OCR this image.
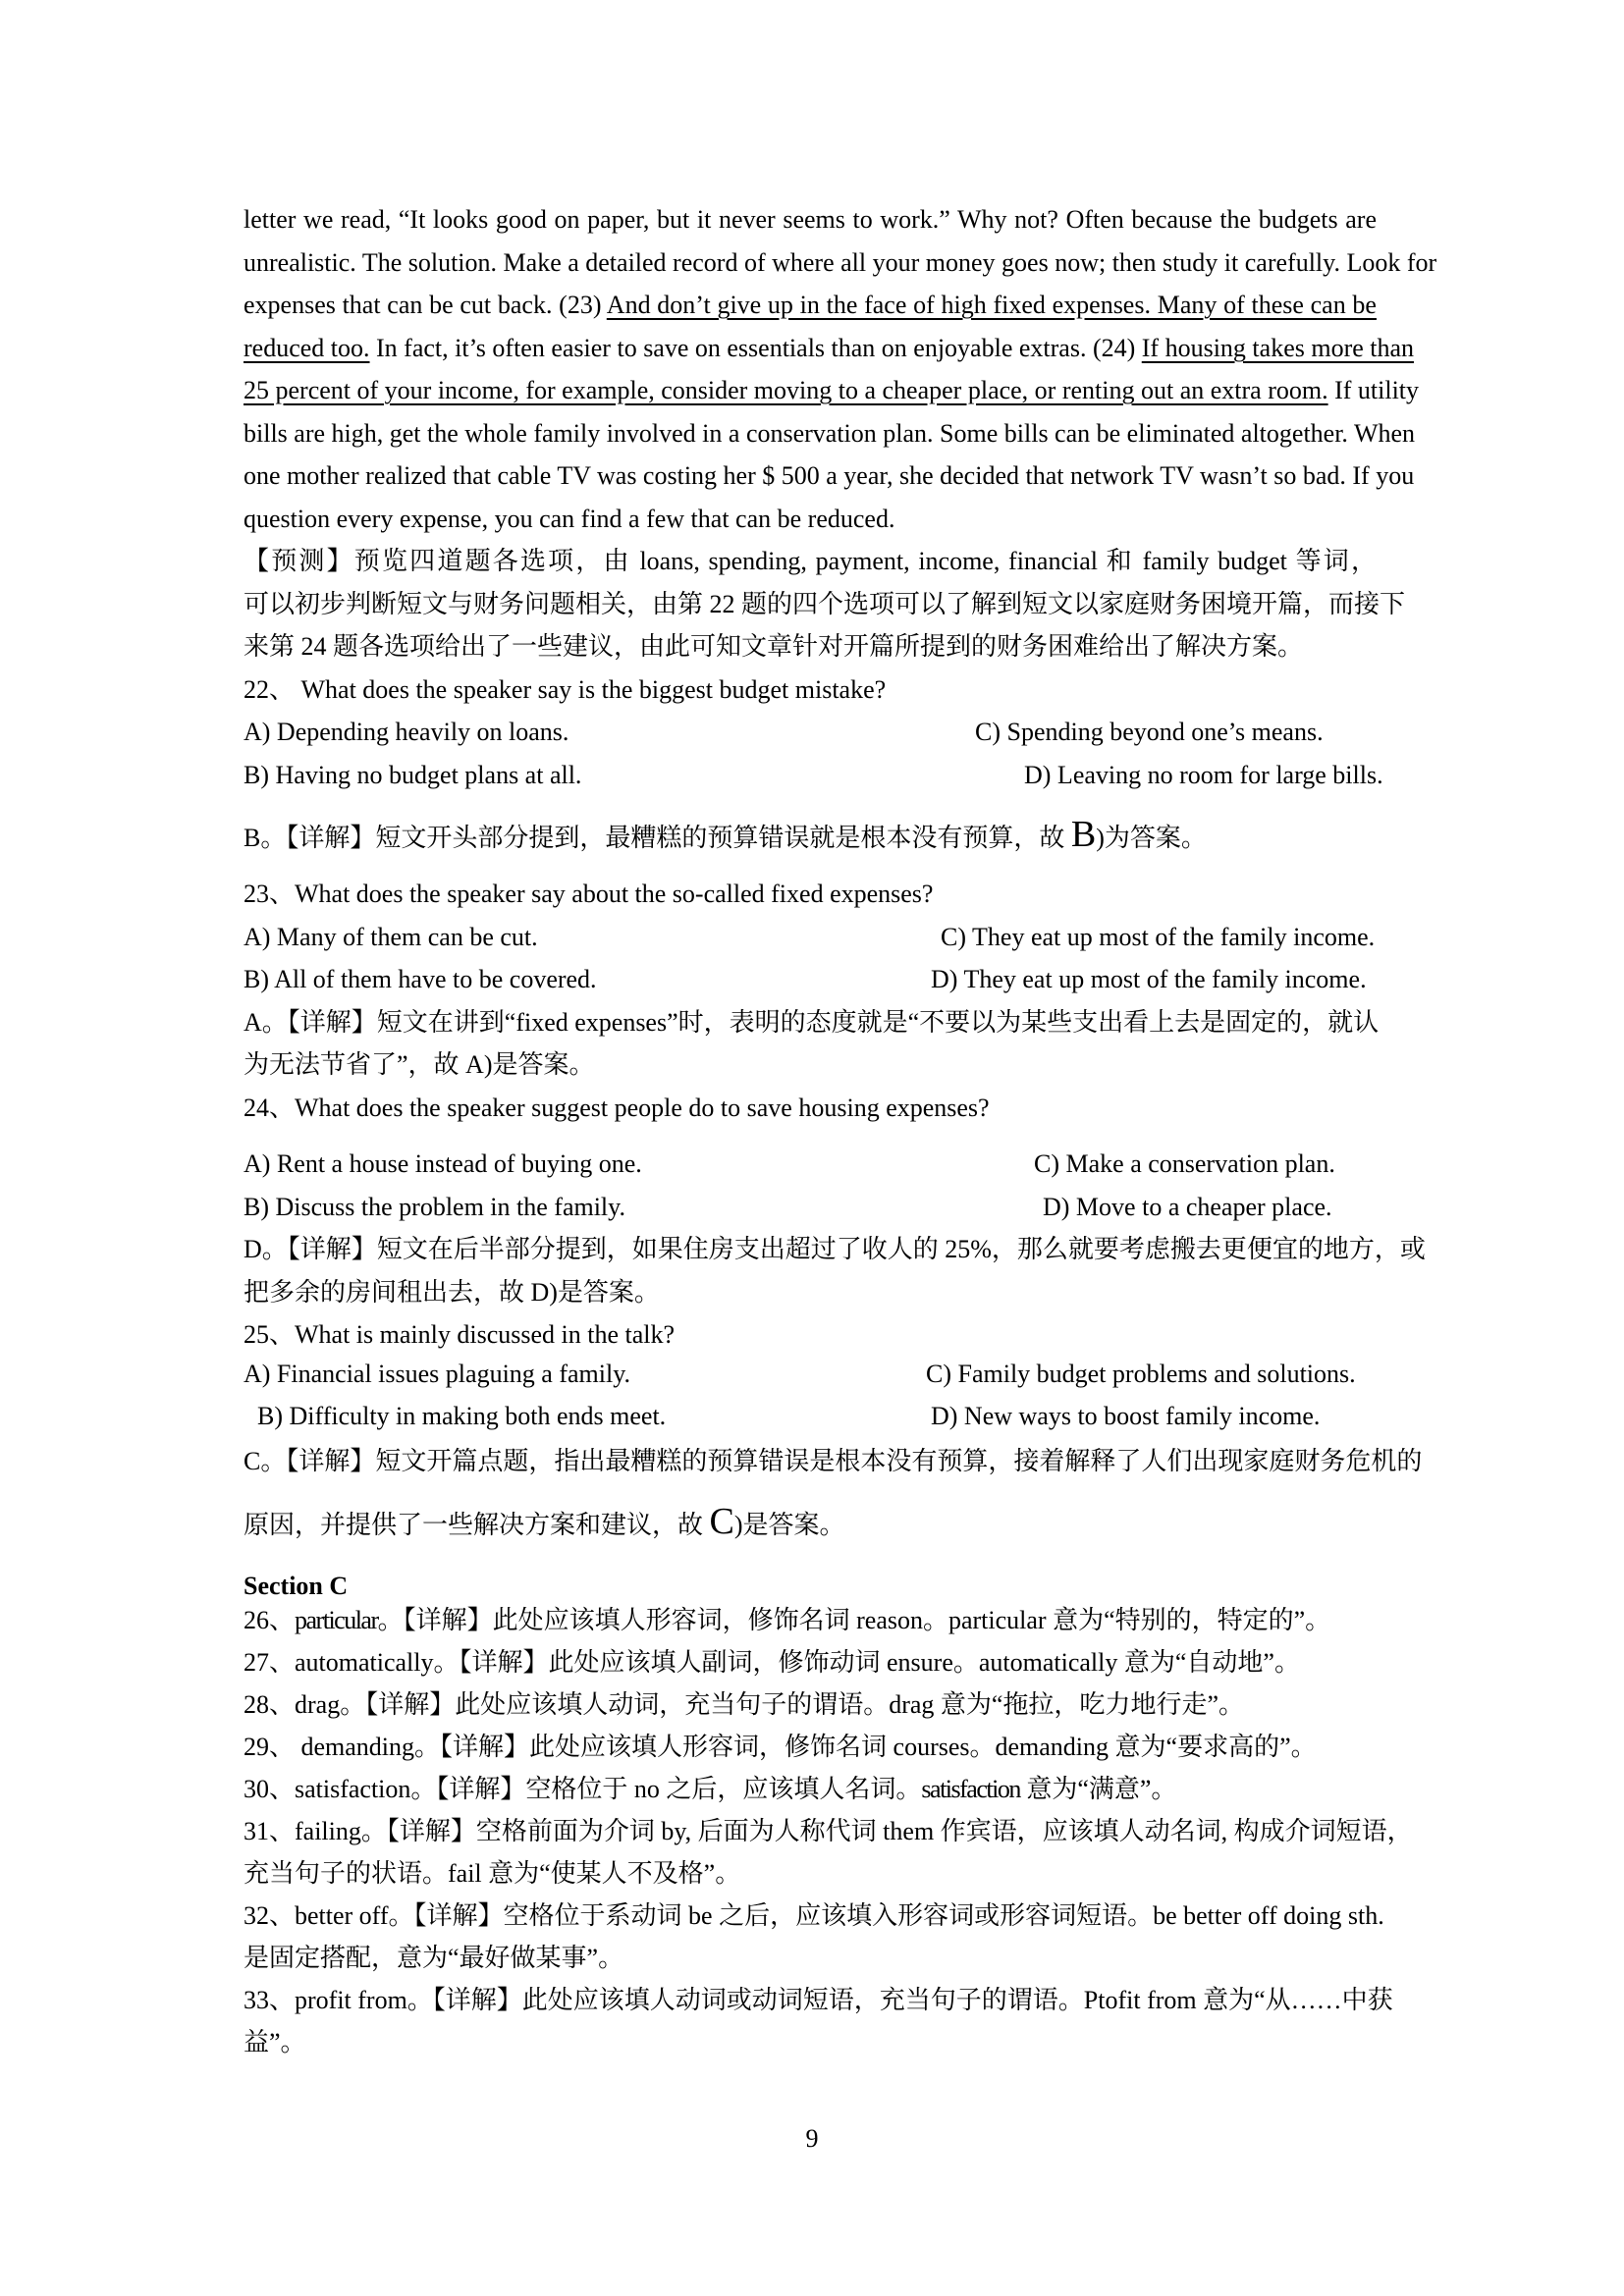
letter we read, “It looks good on paper, but it never seems to work.” Why not? Often because the budgets are
unrealistic. The solution. Make a detailed record of where all your money goes now; then study it carefully. Look for
expenses that can be cut back. (23) And don’t give up in the face of high fixed expenses. Many of these can be
reduced too. In fact, it’s often easier to save on essentials than on enjoyable extras. (24) If housing takes more than
25 percent of your income, for example, consider moving to a cheaper place, or renting out an extra room. If utility
bills are high, get the whole family involved in a conservation plan. Some bills can be eliminated altogether. When
one mother realized that cable TV was costing her $ 500 a year, she decided that network TV wasn’t so bad. If you
question every expense, you can find a few that can be reduced.
【预测】预览四道题各选项，由 loans, spending, payment, income, financial 和 family budget 等词，
可以初步判断短文与财务问题相关，由第 22 题的四个选项可以了解到短文以家庭财务困境开篇，而接下
来第 24 题各选项给出了一些建议，由此可知文章针对开篇所提到的财务困难给出了解决方案。
22、 What does the speaker say is the biggest budget mistake?
A) Depending heavily on loans.	C) Spending beyond one’s means.
B) Having no budget plans at all.	D) Leaving no room for large bills.
B。【详解】短文开头部分提到，最糟糕的预算错误就是根本没有预算，故 B)为答案。
23、What does the speaker say about the so-called fixed expenses?
A) Many of them can be cut.	C) They eat up most of the family income.
B) All of them have to be covered.	D) They eat up most of the family income.
A。【详解】短文在讲到“fixed expenses”时，表明的态度就是“不要以为某些支出看上去是固定的，就认
为无法节省了”，故 A)是答案。
24、What does the speaker suggest people do to save housing expenses?
A) Rent a house instead of buying one.	C) Make a conservation plan.
B) Discuss the problem in the family.	D) Move to a cheaper place.
D。【详解】短文在后半部分提到，如果住房支出超过了收人的 25%，那么就要考虑搬去更便宜的地方，或
把多余的房间租出去，故 D)是答案。
25、What is mainly discussed in the talk?
A) Financial issues plaguing a family.	C) Family budget problems and solutions.
B) Difficulty in making both ends meet.	D) New ways to boost family income.
C。【详解】短文开篇点题，指出最糟糕的预算错误是根本没有预算，接着解释了人们出现家庭财务危机的
原因，并提供了一些解决方案和建议，故 C)是答案。
Section C
26、particular。【详解】此处应该填人形容词，修饰名词 reason。particular 意为“特别的，特定的”。
27、automatically。【详解】此处应该填人副词，修饰动词 ensure。automatically 意为“自动地”。
28、drag。【详解】此处应该填人动词，充当句子的谓语。drag 意为“拖拉，吃力地行走”。
29、 demanding。【详解】此处应该填人形容词，修饰名词 courses。demanding 意为“要求高的”。
30、satisfaction。【详解】空格位于 no 之后，应该填人名词。satisfaction 意为“满意”。
31、failing。【详解】空格前面为介词 by, 后面为人称代词 them 作宾语，应该填人动名词, 构成介词短语，
充当句子的状语。fail 意为“使某人不及格”。
32、better off。【详解】空格位于系动词 be 之后，应该填入形容词或形容词短语。be better off doing sth.
是固定搭配，意为“最好做某事”。
33、profit from。【详解】此处应该填人动词或动词短语，充当句子的谓语。Ptofit from 意为“从……中获
益”。
9
